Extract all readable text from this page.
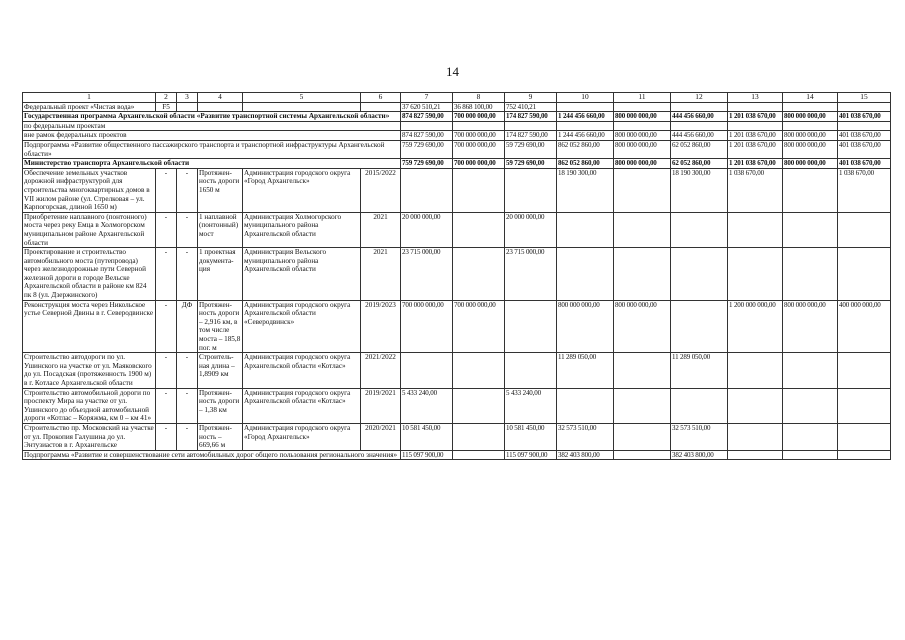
14
1	2	3	4	5	6	7	8	9	10	11	12	13	14	15
Федеральный проект «Чистая вода»	F5					37 620 510,21	36 868 100,00	752 410,21						
Государственная программа Архангельской области «Развитие транспортной системы Архангельской области»						874 827 590,00	700 000 000,00	174 827 590,00	1 244 456 660,00	800 000 000,00	444 456 660,00	1 201 038 670,00	800 000 000,00	401 038 670,00
по федеральным проектам														
вне рамок федеральных проектов						874 827 590,00	700 000 000,00	174 827 590,00	1 244 456 660,00	800 000 000,00	444 456 660,00	1 201 038 670,00	800 000 000,00	401 038 670,00
Подпрограмма «Развитие общественного пассажирского транспорта и транспортной инфраструктуры Архангельской области»						759 729 690,00	700 000 000,00	59 729 690,00	862 052 860,00	800 000 000,00	62 052 860,00	1 201 038 670,00	800 000 000,00	401 038 670,00
Министерство транспорта Архангельской области						759 729 690,00	700 000 000,00	59 729 690,00	862 052 860,00	800 000 000,00	62 052 860,00	1 201 038 670,00	800 000 000,00	401 038 670,00
Обеспечение земельных участков дорожной инфраструктурой для строительства многоквартирных домов в VII жилом районе (ул. Стрелковая – ул. Карпогорская, длиной 1650 м)	-	-	Протяжен-ность дороги 1650 м	Администрация городского округа «Город Архангельск»	2015/2022				18 190 300,00		18 190 300,00	1 038 670,00		1 038 670,00
Приобретение наплавного (понтонного) моста через реку Емца в Холмогорском муниципальном районе Архангельской области	-	-	1 наплавной (понтонный) мост	Администрация Холмогорского муниципального района Архангельской области	2021	20 000 000,00		20 000 000,00						
Проектирование и строительство автомобильного моста (путепровода) через железнодорожные пути Северной железной дороги в городе Вельске Архангельской области в районе км 824 пк 8 (ул. Дзержинского)	-	-	1 проектная документа-ция	Администрация Вельского муниципального района Архангельской области	2021	23 715 000,00		23 715 000,00						
Реконструкция моста через Никольское устье Северной Двины в г. Северодвинске	-	ДФ	Протяжен-ность дороги – 2,916 км, в том числе моста – 185,8 пог. м	Администрация городского округа Архангельской области «Северодвинск»	2019/2023	700 000 000,00	700 000 000,00		800 000 000,00	800 000 000,00		1 200 000 000,00	800 000 000,00	400 000 000,00
Строительство автодороги по ул. Ушинского на участке от ул. Маяковского до ул. Посадская (протяженность 1900 м) в г. Котласе Архангельской области	-	-	Строитель-ная длина – 1,8909 км	Администрация городского округа Архангельской области «Котлас»	2021/2022				11 289 050,00		11 289 050,00			
Строительство автомобильной дороги по проспекту Мира на участке от ул. Ушинского до объездной автомобильной дороги «Котлас – Коряжма, км 0 – км 41»	-	-	Протяжен-ность дороги – 1,38 км	Администрация городского округа Архангельской области «Котлас»	2019/2021	5 433 240,00		5 433 240,00						
Строительство пр. Московский на участке от ул. Прокопия Галушина до ул. Энтузиастов в г. Архангельске	-	-	Протяжен-ность – 669,66 м	Администрация городского округа «Город Архангельск»	2020/2021	10 581 450,00		10 581 450,00	32 573 510,00		32 573 510,00			
Подпрограмма «Развитие и совершенствование сети автомобильных дорог общего пользования регионального значения»						115 097 900,00		115 097 900,00	382 403 800,00		382 403 800,00			
